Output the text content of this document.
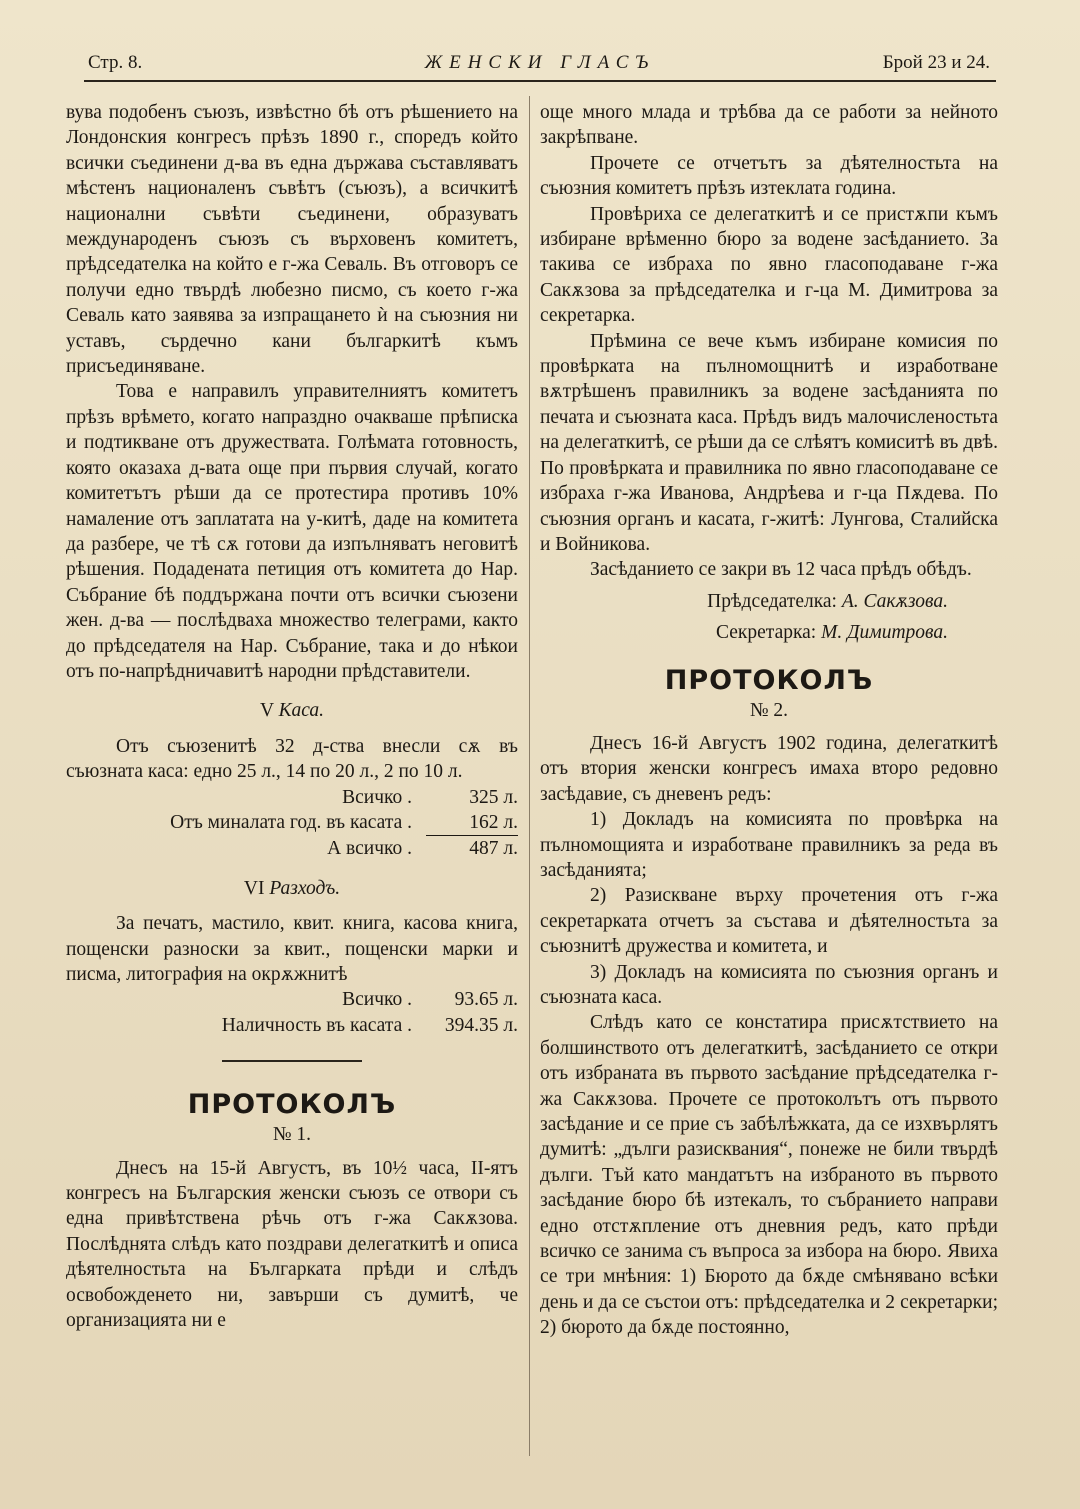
Стр. 8.	ЖЕНСКИ ГЛАСЪ	Брой 23 и 24.

вува подобенъ съюзъ, извѣстно бѣ отъ рѣшението на Лондонския конгресъ прѣзъ 1890 г., споредъ който всички съединени д-ва въ една държава съставляватъ мѣстенъ националенъ съвѣтъ (съюзъ), а всичкитѣ национални съвѣти съединени, образуватъ международенъ съюзъ съ върховенъ комитетъ, прѣдседателка на който е г-жа Севаль. Въ отговоръ се получи едно твърдѣ любезно писмо, съ което г-жа Севаль като заявява за изпращането ѝ на съюзния ни уставъ, сърдечно кани българкитѣ къмъ присъединяване.

Това е направилъ управителниятъ комитетъ прѣзъ врѣмето, когато напраздно очакваше прѣписка и подтикване отъ дружествата. Голѣмата готовность, която оказаха д-вата още при първия случай, когато комитетътъ рѣши да се протестира противъ 10% намаление отъ заплатата на у-китѣ, даде на комитета да разбере, че тѣ сѫ готови да изпълняватъ неговитѣ рѣшения. Подадената петиция отъ комитета до Нар. Събрание бѣ поддържана почти отъ всички съюзени жен. д-ва — послѣдваха множество телеграми, както до прѣдседателя на Нар. Събрание, така и до нѣкои отъ по-напрѣдничавитѣ народни прѣдставители.

V Каса.

Отъ съюзенитѣ 32 д-ства внесли сѫ въ съюзната каса: едно 25 л., 14 по 20 л., 2 по 10 л.

Всичко .	325 л.
Отъ миналата год. въ касата .	162 л.
А всичко .	487 л.
VI Разходъ.

За печатъ, мастило, квит. книга, касова книга, пощенски разноски за квит., пощенски марки и писма, литография на окрѫжнитѣ

Всичко .	93.65 л.
Наличность въ касата .	394.35 л.
ПРОТОКОЛЪ
№ 1.

Днесъ на 15-й Августъ, въ 10½ часа, II-ятъ конгресъ на Българския женски съюзъ се отвори съ една привѣтствена рѣчь отъ г-жа Сакѫзова. Послѣднята слѣдъ като поздрави делегаткитѣ и описа дѣятелностьта на Българката прѣди и слѣдъ освобожденето ни, завърши съ думитѣ, че организацията ни е

още много млада и трѣбва да се работи за нейното закрѣпване.

Прочете се отчетътъ за дѣятелностьта на съюзния комитетъ прѣзъ изтеклата година.

Провѣриха се делегаткитѣ и се пристѫпи къмъ избиране врѣменно бюро за водене засѣданието. За такива се избраха по явно гласоподаване г-жа Сакѫзова за прѣдседателка и г-ца М. Димитрова за секретарка.

Прѣмина се вече къмъ избиране комисия по провѣрката на пълномощнитѣ и изработване вѫтрѣшенъ правилникъ за водене засѣданията по печата и съюзната каса. Прѣдъ видъ малочисленостьта на делегаткитѣ, се рѣши да се слѣятъ комиситѣ въ двѣ. По провѣрката и правилника по явно гласоподаване се избраха г-жа Иванова, Андрѣева и г-ца Пѫдева. По съюзния органъ и касата, г-житѣ: Лунгова, Сталийска и Войникова.

Засѣданието се закри въ 12 часа прѣдъ обѣдъ.

Прѣдседателка: А. Сакѫзова.
Секретарка: М. Димитрова.
ПРОТОКОЛЪ
№ 2.

Днесъ 16-й Августъ 1902 година, делегаткитѣ отъ втория женски конгресъ имаха второ редовно засѣдавие, съ дневенъ редъ:

1) Докладъ на комисията по провѣрка на пълномощията и изработване правилникъ за реда въ засѣданията;

2) Разискване върху прочетения отъ г-жа секретарката отчетъ за състава и дѣятелностьта за съюзнитѣ дружества и комитета, и

3) Докладъ на комисията по съюзния органъ и съюзната каса.

Слѣдъ като се констатира присѫтствието на болшинството отъ делегаткитѣ, засѣданието се откри отъ избраната въ първото засѣдание прѣдседателка г-жа Сакѫзова. Прочете се протоколътъ отъ първото засѣдание и се прие съ забѣлѣжката, да се изхвърлятъ думитѣ: „дълги разисквания“, понеже не били твърдѣ дълги. Тъй като мандатътъ на избраното въ първото засѣдание бюро бѣ изтекалъ, то събранието направи едно отстѫпление отъ дневния редъ, като прѣди всичко се занима съ въпроса за избора на бюро. Явиха се три мнѣния: 1) Бюрото да бѫде смѣнявано всѣки день и да се състои отъ: прѣдседателка и 2 секретарки; 2) бюрото да бѫде постоянно,
